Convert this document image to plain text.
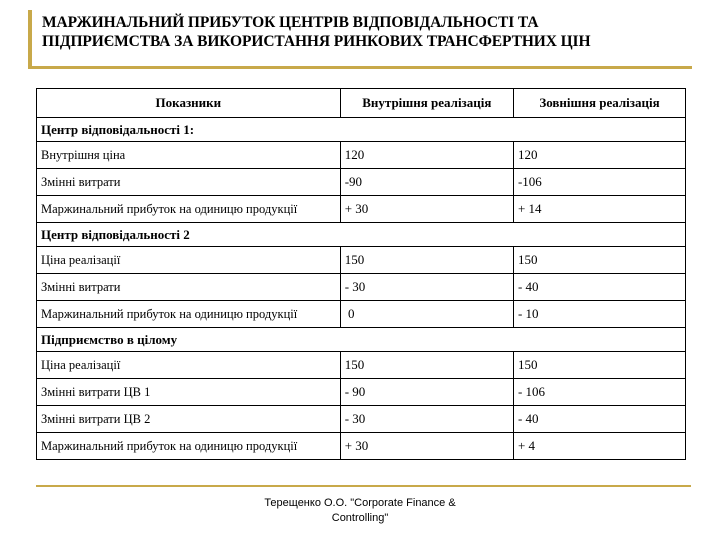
МАРЖИНАЛЬНИЙ ПРИБУТОК ЦЕНТРІВ ВІДПОВІДАЛЬНОСТІ ТА
ПІДПРИЄМСТВА ЗА ВИКОРИСТАННЯ РИНКОВИХ ТРАНСФЕРТНИХ ЦІН
Показники	Внутрішня реалізація	Зовнішня реалізація
Центр відповідальності 1:		
Внутрішня ціна	120	120
Змінні витрати	-90	-106
Маржинальний прибуток на одиницю продукції	+ 30	+ 14
Центр відповідальності 2		
Ціна реалізації	150	150
Змінні витрати	- 30	- 40
Маржинальний прибуток на одиницю продукції	0	- 10
Підприємство в цілому		
Ціна реалізації	150	150
Змінні витрати ЦВ 1	- 90	- 106
Змінні витрати ЦВ 2	- 30	- 40
Маржинальний прибуток на одиницю продукції	+ 30	+ 4
Терещенко О.О. "Corporate Finance &
Controlling"
